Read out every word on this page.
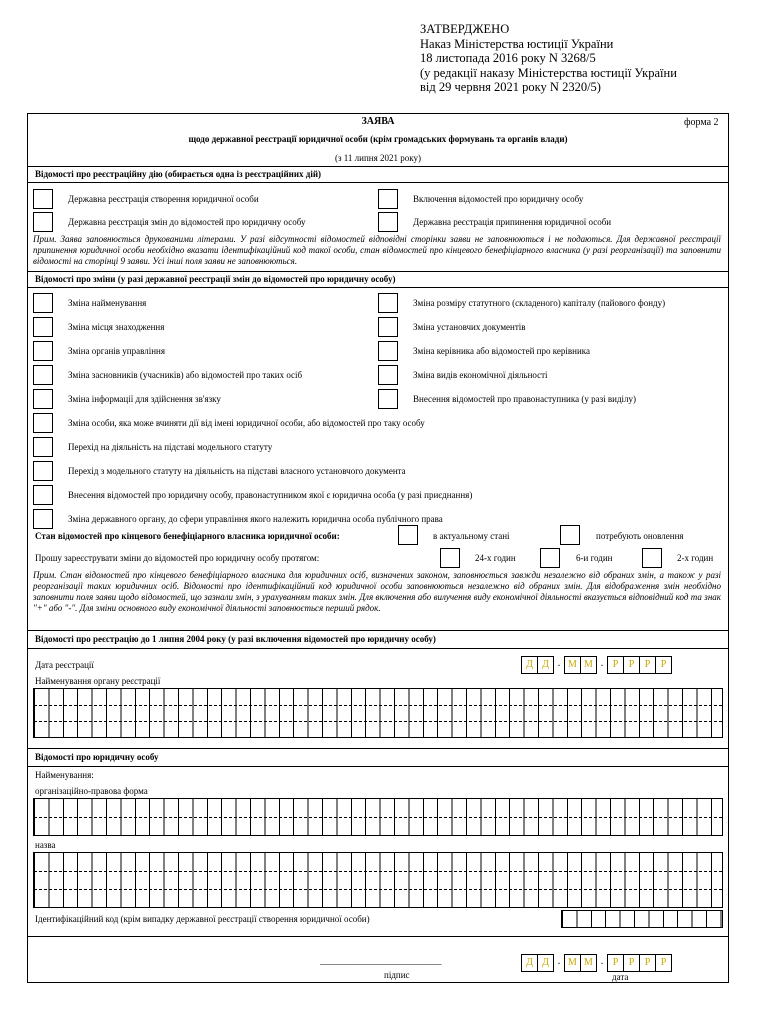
ЗАТВЕРДЖЕНО
Наказ Міністерства юстиції України
18 листопада 2016 року N 3268/5
(у редакції наказу Міністерства юстиції України
від 29 червня 2021 року N 2320/5)
ЗАЯВА	форма 2
щодо державної реєстрації юридичної особи (крім громадських формувань та органів влади)
(з 11 липня 2021 року)
Відомості про реєстраційну дію (обирається одна із реєстраційних дій)
Державна реєстрація створення юридичної особи	Включення відомостей про юридичну особу
Державна реєстрація змін до відомостей про юридичну особу	Державна реєстрація припинення юридичної особи
Прим. Заява заповнюється друкованими літерами. У разі відсутності відомостей відповідні сторінки заяви не заповнюються і не подаються. Для державної реєстрації припинення юридичної особи необхідно вказати ідентифікаційний код такої особи, стан відомостей про кінцевого бенефіціарного власника (у разі реорганізації) та заповнити відомості на сторінці 9 заяви. Усі інші поля заяви не заповнюються.
Відомості про зміни (у разі державної реєстрації змін до відомостей про юридичну особу)
Зміна найменування	Зміна розміру статутного (складеного) капіталу (пайового фонду)
Зміна місця знаходження	Зміна установчих документів
Зміна органів управління	Зміна керівника або відомостей про керівника
Зміна засновників (учасників) або відомостей про таких осіб	Зміна видів економічної діяльності
Зміна інформації для здійснення зв'язку	Внесення відомостей про правонаступника (у разі виділу)
Зміна особи, яка може вчиняти дії від імені юридичної особи, або відомостей про таку особу
Перехід на діяльність на підставі модельного статуту
Перехід з модельного статуту на діяльність на підставі власного установчого документа
Внесення відомостей про юридичну особу, правонаступником якої є юридична особа (у разі приєднання)
Зміна державного органу, до сфери управління якого належить юридична особа публічного права
Стан відомостей про кінцевого бенефіціарного власника юридичної особи:	в актуальному стані	потребують оновлення
Прошу зареєструвати зміни до відомостей про юридичну особу протягом:	24-х годин	6-и годин	2-х годин
Прим. Стан відомостей про кінцевого бенефіціарного власника для юридичних осіб, визначених законом, заповнюється завжди незалежно від обраних змін, а також у разі реорганізації таких юридичних осіб. Відомості про ідентифікаційний код юридичної особи заповнюються незалежно від обраних змін. Для відображення змін необхідно заповнити поля заяви щодо відомостей, що зазнали змін, з урахуванням таких змін. Для включення або вилучення виду економічної діяльності вказується відповідний код та знак "+" або "-". Для зміни основного виду економічної діяльності заповнюється перший рядок.
Відомості про реєстрацію до 1 липня 2004 року (у разі включення відомостей про юридичну особу)
Дата реєстрації	Д Д . М М . Р	Р	Р	Р
Найменування органу реєстрації
Відомості про юридичну особу
Найменування:
організаційно-правова форма
назва
Ідентифікаційний код (крім випадку державної реєстрації створення юридичної особи)
___________________________
підпис
Д Д . М М . Р	Р	Р	Р
дата
